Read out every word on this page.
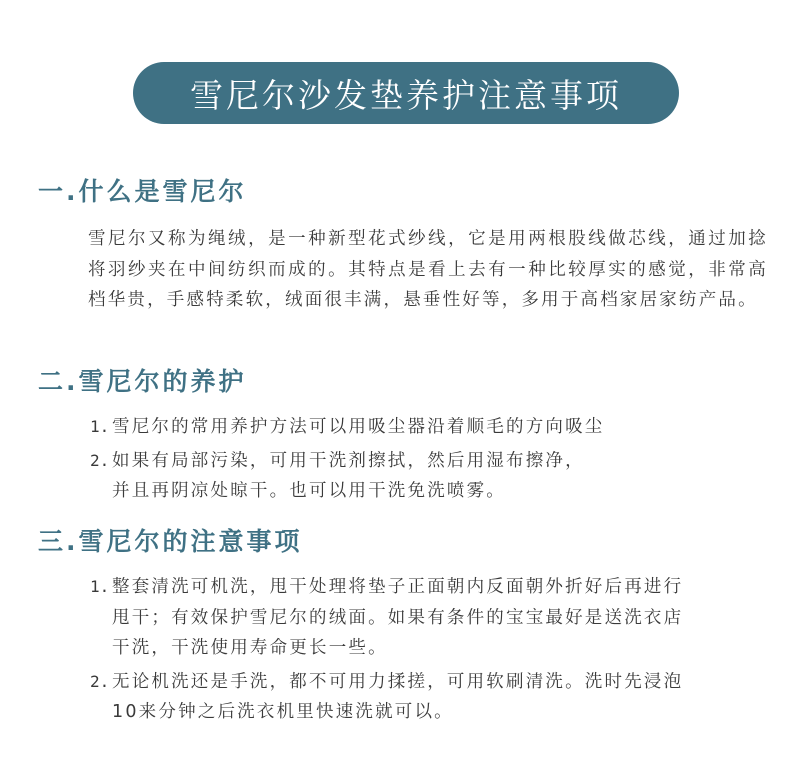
雪尼尔沙发垫养护注意事项
一.什么是雪尼尔

雪尼尔又称为绳绒，是一种新型花式纱线，它是用两根股线做芯线，通过加捻将羽纱夹在中间纺织而成的。其特点是看上去有一种比较厚实的感觉，非常高档华贵，手感特柔软，绒面很丰满，悬垂性好等，多用于高档家居家纺产品。

二.雪尼尔的养护
1. 雪尼尔的常用养护方法可以用吸尘器沿着顺毛的方向吸尘
2. 如果有局部污染，可用干洗剂擦拭，然后用湿布擦净，
并且再阴凉处晾干。也可以用干洗免洗喷雾。
三.雪尼尔的注意事项
1. 整套清洗可机洗，甩干处理将垫子正面朝内反面朝外折好后再进行
甩干；有效保护雪尼尔的绒面。如果有条件的宝宝最好是送洗衣店
干洗，干洗使用寿命更长一些。
2. 无论机洗还是手洗，都不可用力揉搓，可用软刷清洗。洗时先浸泡
10来分钟之后洗衣机里快速洗就可以。
